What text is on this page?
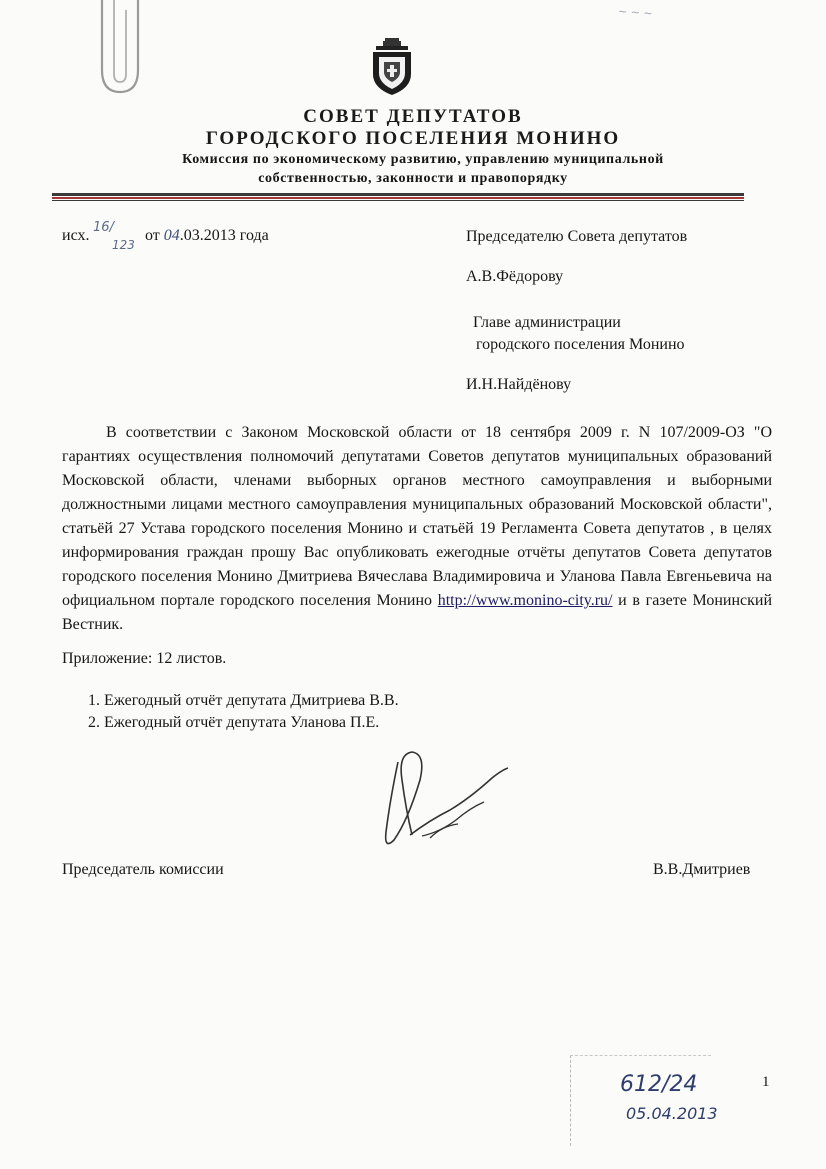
~ ~ ~
СОВЕТ ДЕПУТАТОВ
ГОРОДСКОГО ПОСЕЛЕНИЯ МОНИНО
Комиссия по экономическому развитию, управлению муниципальной
собственностью, законности и правопорядку
исх. 16/
123
от 04.03.2013 года	Председателю Совета депутатов
А.В.Фёдорову
Главе администрации
городского поселения Монино
И.Н.Найдёнову
В соответствии с Законом Московской области от 18 сентября 2009 г. N 107/2009-ОЗ "О гарантиях осуществления полномочий депутатами Советов депутатов муниципальных образований Московской области, членами выборных органов местного самоуправления и выборными должностными лицами местного самоуправления муниципальных образований Московской области", статьёй 27 Устава городского поселения Монино и статьёй 19 Регламента Совета депутатов , в целях информирования граждан прошу Вас опубликовать ежегодные отчёты депутатов Совета депутатов городского поселения Монино Дмитриева Вячеслава Владимировича и Уланова Павла Евгеньевича на официальном портале городского поселения Монино http://www.monino-city.ru/ и в газете Монинский Вестник.
Приложение: 12 листов.
1. Ежегодный отчёт депутата Дмитриева В.В.
2. Ежегодный отчёт депутата Уланова П.Е.
Председатель комиссии	В.В.Дмитриев
612/24
05.04.2013
1
